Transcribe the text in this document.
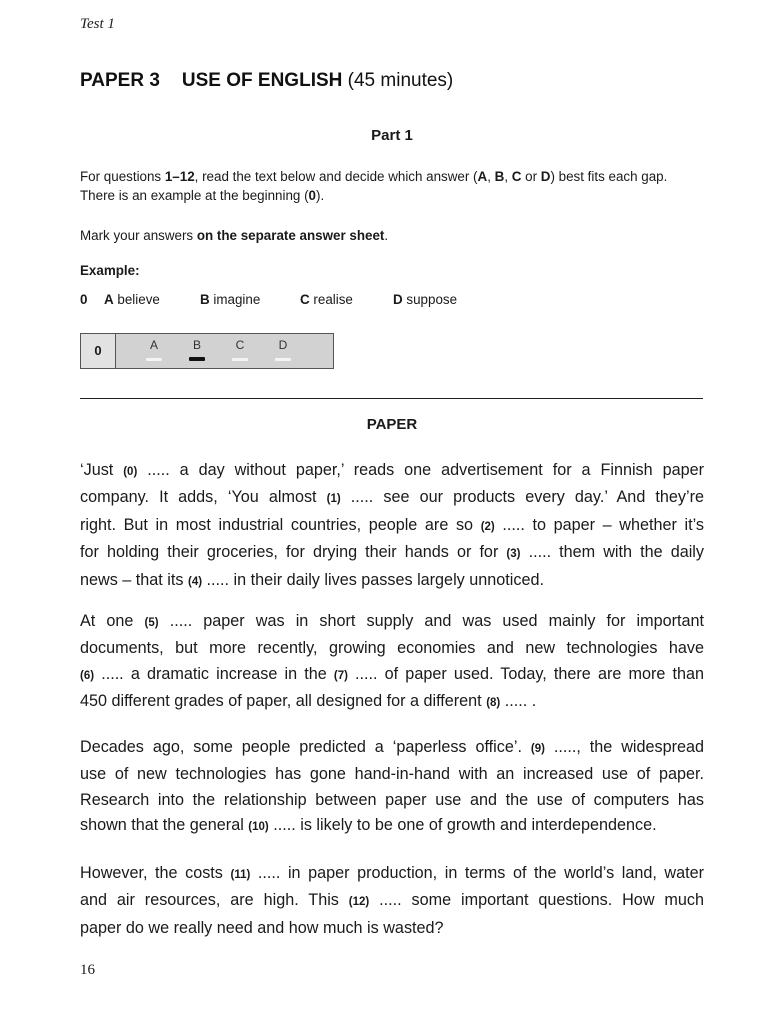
Test 1
PAPER 3 USE OF ENGLISH (45 minutes)
Part 1
For questions 1–12, read the text below and decide which answer (A, B, C or D) best fits each gap.
There is an example at the beginning (0).
Mark your answers on the separate answer sheet.
Example:
0 A believe	B imagine	C realise	D suppose
0	A	B	C	D
PAPER
‘Just (0) ..... a day without paper,’ reads one advertisement for a Finnish paper
company. It adds, ‘You almost (1) ..... see our products every day.’ And they’re
right. But in most industrial countries, people are so (2) ..... to paper – whether it’s
for holding their groceries, for drying their hands or for (3) ..... them with the daily
news – that its (4) ..... in their daily lives passes largely unnoticed.
At one (5) ..... paper was in short supply and was used mainly for important
documents, but more recently, growing economies and new technologies have
(6) ..... a dramatic increase in the (7) ..... of paper used. Today, there are more than
450 different grades of paper, all designed for a different (8) ..... .
Decades ago, some people predicted a ‘paperless office’. (9) ....., the widespread
use of new technologies has gone hand-in-hand with an increased use of paper.
Research into the relationship between paper use and the use of computers has
shown that the general (10) ..... is likely to be one of growth and interdependence.
However, the costs (11) ..... in paper production, in terms of the world’s land, water
and air resources, are high. This (12) ..... some important questions. How much
paper do we really need and how much is wasted?
16
